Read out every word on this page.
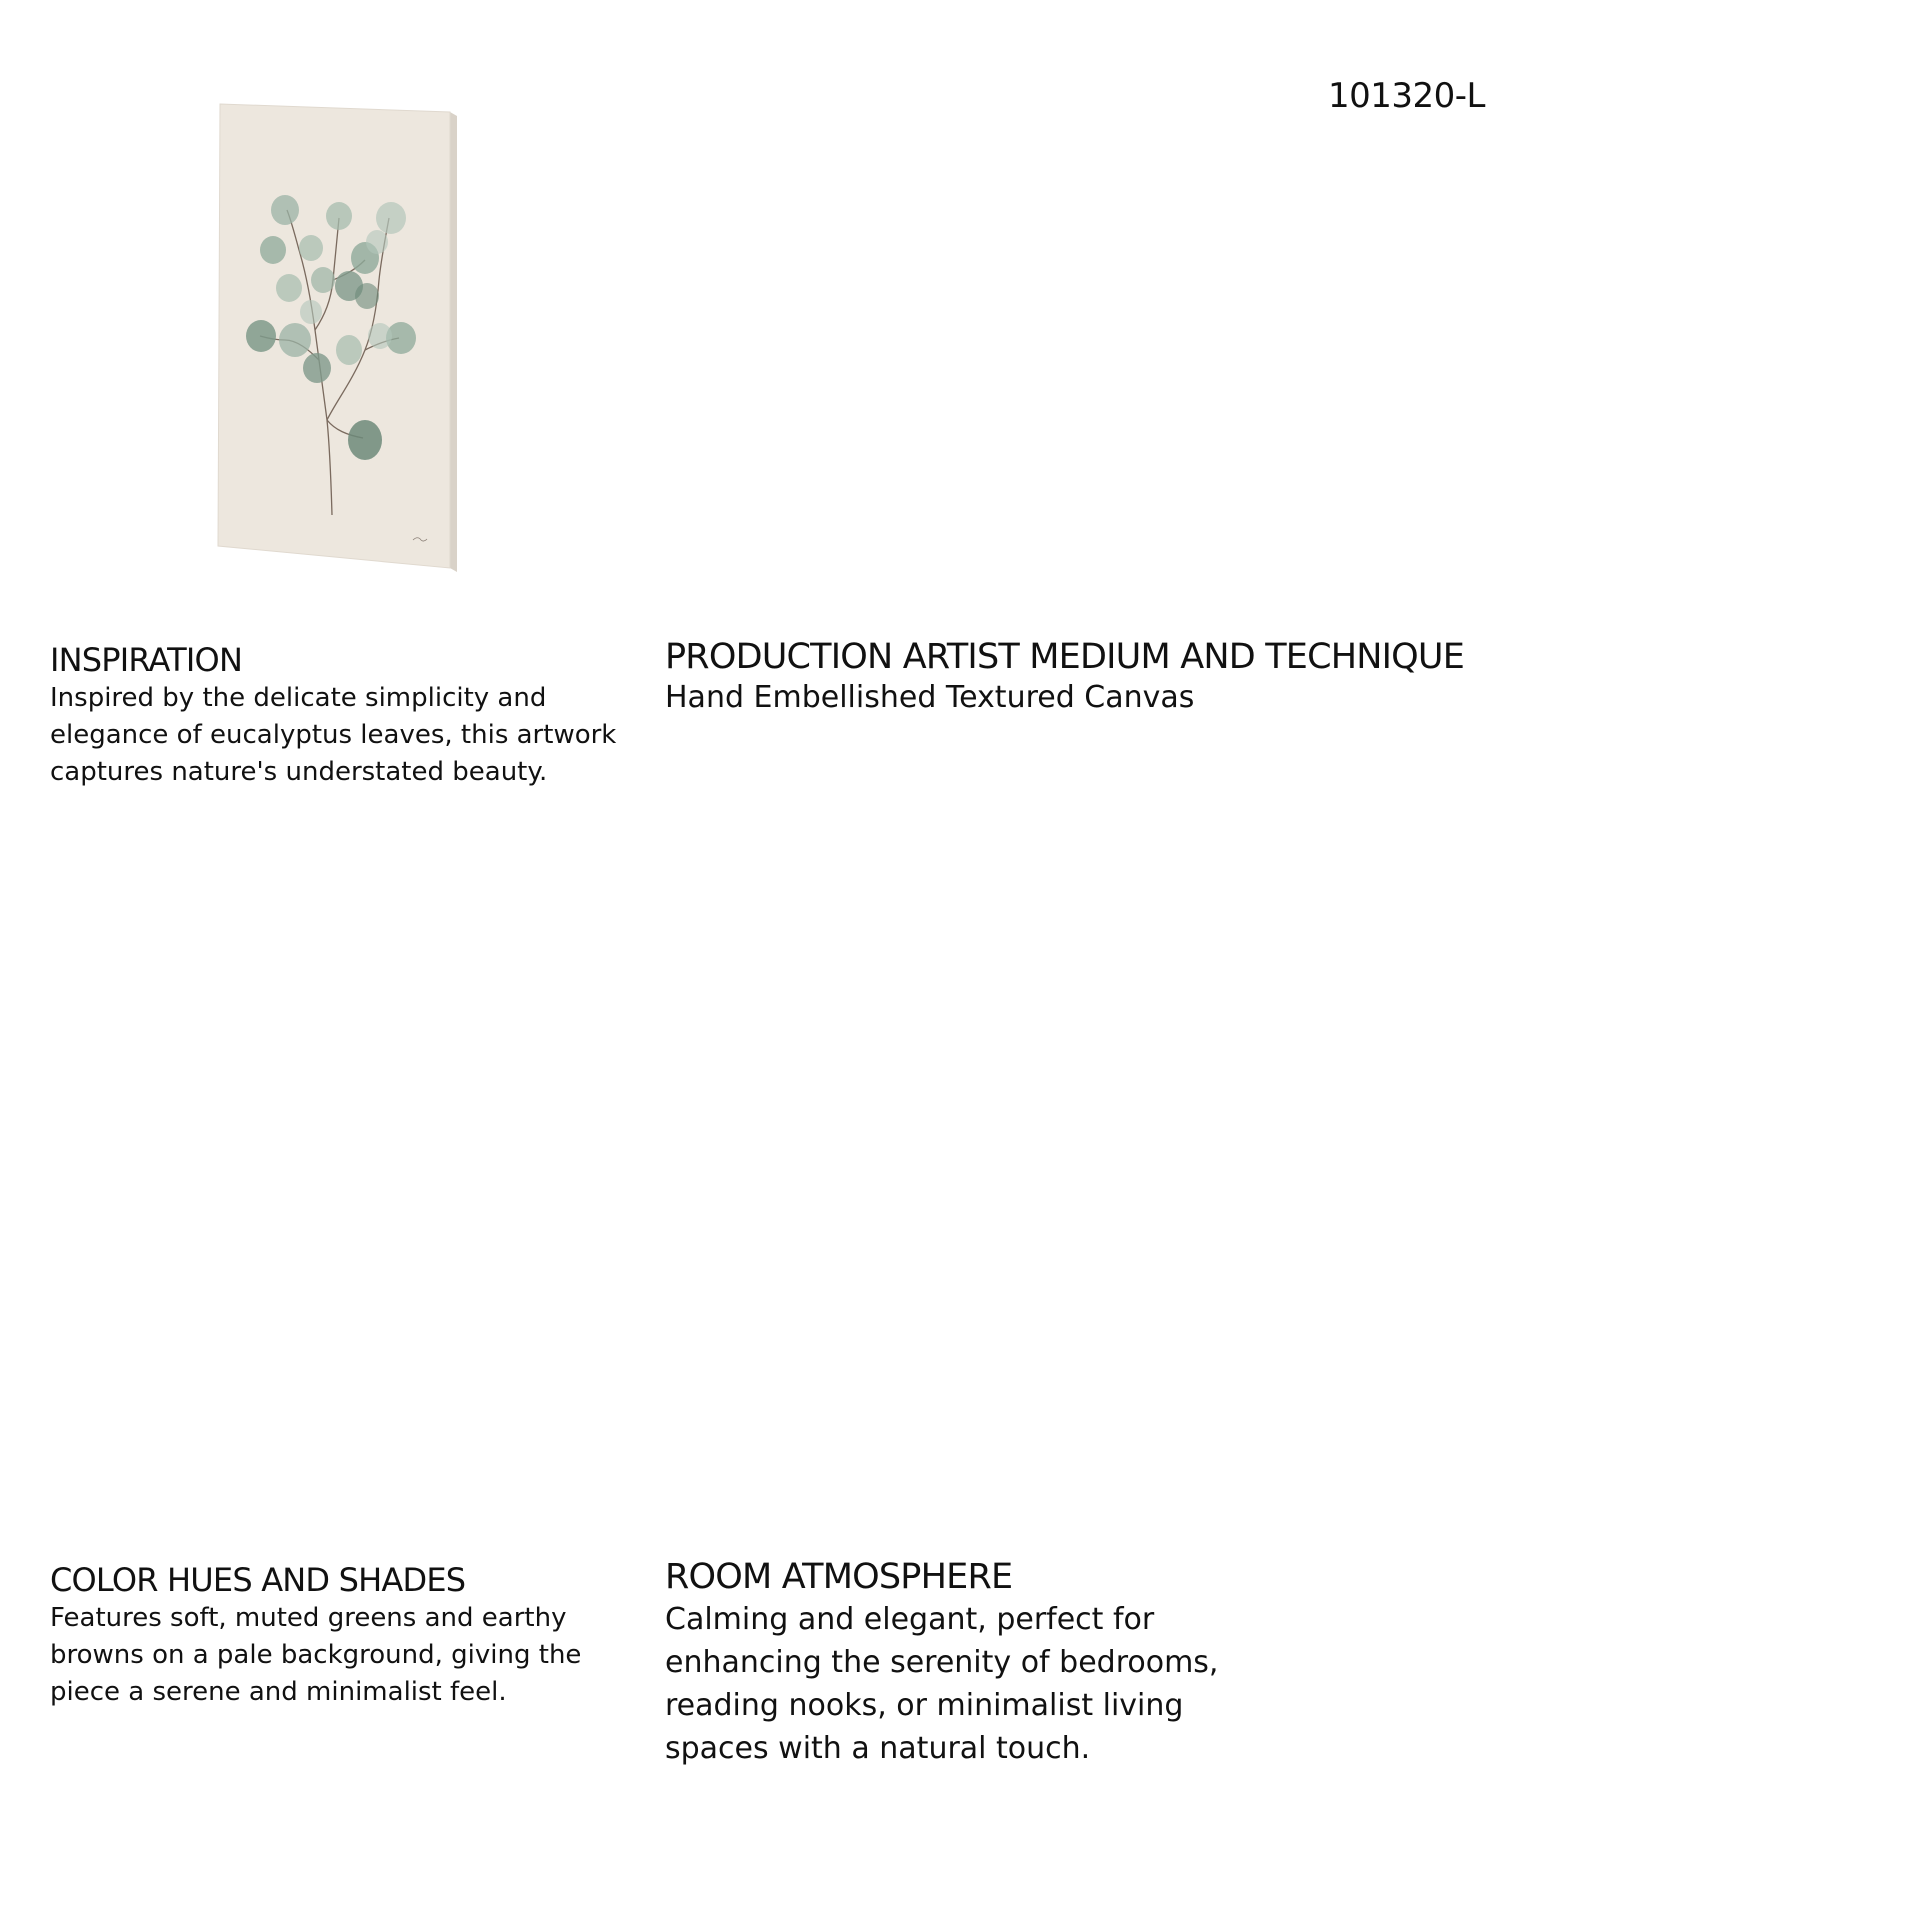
101320-L
INSPIRATION

Inspired by the delicate simplicity and
elegance of eucalyptus leaves, this artwork
captures nature's understated beauty.

PRODUCTION ARTIST MEDIUM AND TECHNIQUE

Hand Embellished Textured Canvas

COLOR HUES AND SHADES

Features soft, muted greens and earthy
browns on a pale background, giving the
piece a serene and minimalist feel.

ROOM ATMOSPHERE

Calming and elegant, perfect for
enhancing the serenity of bedrooms,
reading nooks, or minimalist living
spaces with a natural touch.
